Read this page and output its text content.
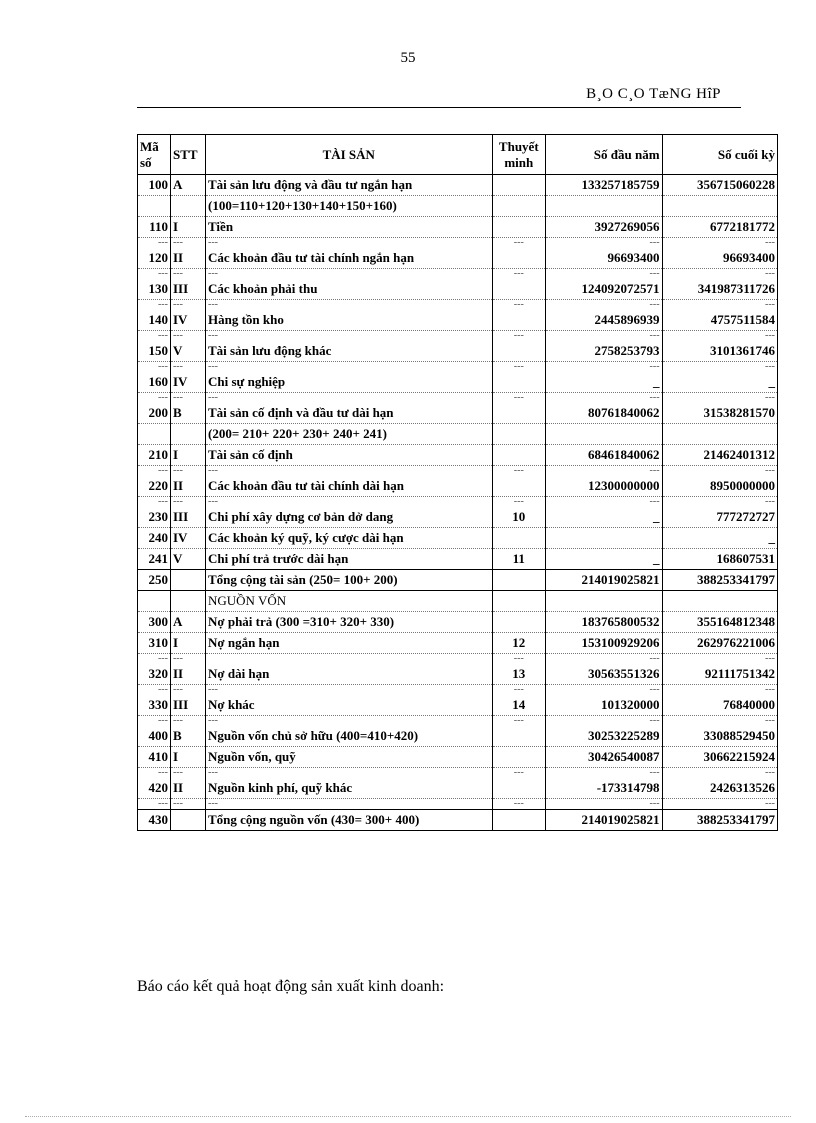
55
B¸O C¸O TæNG HîP
Mã số	STT	TÀI SẢN	Thuyết minh	Số đầu năm	Số cuối kỳ
100	A	Tài sản lưu động và đầu tư ngắn hạn		133257185759	356715060228
		(100=110+120+130+140+150+160)			
110	I	Tiền		3927269056	6772181772
---	---	---	---	---	---
120	II	Các khoản đầu tư tài chính ngắn hạn		96693400	96693400
---	---	---	---	---	---
130	III	Các khoản phải thu		124092072571	341987311726
---	---	---	---	---	---
140	IV	Hàng tồn kho		2445896939	4757511584
---	---	---	---	---	---
150	V	Tài sản lưu động khác		2758253793	3101361746
---	---	---	---	---	---
160	IV	Chi sự nghiệp		_	_
---	---	---	---	---	---
200	B	Tài sản cố định và đầu tư dài hạn		80761840062	31538281570
		(200= 210+ 220+ 230+ 240+ 241)			
210	I	Tài sản cố định		68461840062	21462401312
---	---	---	---	---	---
220	II	Các khoản đầu tư tài chính dài hạn		12300000000	8950000000
---	---	---	---	---	---
230	III	Chi phí xây dựng cơ bản dở dang	10	_	777272727
240	IV	Các khoản ký quỹ, ký cược dài hạn			_
241	V	Chi phí trả trước dài hạn	11	_	168607531
250		Tổng cộng tài sản (250= 100+ 200)		214019025821	388253341797
		NGUỒN VỐN			
300	A	Nợ phải trả (300 =310+ 320+ 330)		183765800532	355164812348
310	I	Nợ ngắn hạn	12	153100929206	262976221006
---	---		---	---	---
320	II	Nợ dài hạn	13	30563551326	92111751342
---	---	---	---	---	---
330	III	Nợ khác	14	101320000	76840000
---	---	---	---	---	---
400	B	Nguồn vốn chủ sở hữu (400=410+420)		30253225289	33088529450
410	I	Nguồn vốn, quỹ		30426540087	30662215924
---	---	---	---	---	---
420	II	Nguồn kinh phí, quỹ khác		-173314798	2426313526
---	---	---	---	---	---
430		Tổng cộng nguồn vốn (430= 300+ 400)		214019025821	388253341797
Báo cáo kết quả hoạt động sản xuất kinh doanh:
